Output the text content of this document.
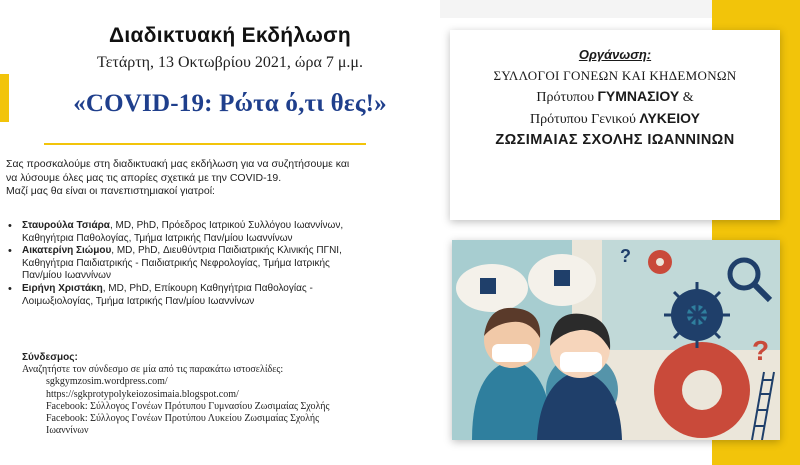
Διαδικτυακή Εκδήλωση
Τετάρτη, 13 Οκτωβρίου 2021, ώρα 7 μ.μ.
«COVID-19: Ρώτα ό,τι θες!»
Σας προσκαλούμε στη διαδικτυακή μας εκδήλωση για να συζητήσουμε και
να λύσουμε όλες μας τις απορίες σχετικά με την COVID-19.
Μαζί μας θα είναι οι πανεπιστημιακοί γιατροί:
• Σταυρούλα Τσιάρα, MD, PhD, Πρόεδρος Ιατρικού Συλλόγου Ιωαννίνων,
Καθηγήτρια Παθολογίας, Τμήμα Ιατρικής Παν/μίου Ιωαννίνων
• Αικατερίνη Σιώμου, MD, PhD, Διευθύντρια Παιδιατρικής Κλινικής ΠΓΝΙ,
Καθηγήτρια Παιδιατρικής - Παιδιατρικής Νεφρολογίας, Τμήμα Ιατρικής
Παν/μίου Ιωαννίνων
• Ειρήνη Χριστάκη, MD, PhD, Επίκουρη Καθηγήτρια Παθολογίας -
Λοιμωξιολογίας, Τμήμα Ιατρικής Παν/μίου Ιωαννίνων
Σύνδεσμος:
Αναζητήστε τον σύνδεσμο σε μία από τις παρακάτω ιστοσελίδες:
sgkgymzosim.wordpress.com/
https://sgkprotypolykeiozosimaia.blogspot.com/
Facebook: Σύλλογος Γονέων Πρότυπου Γυμνασίου Ζωσιμαίας Σχολής
Facebook: Σύλλογος Γονέων Προτύπου Λυκείου Ζωσιμαίας Σχολής
Ιωαννίνων
Οργάνωση:
ΣΥΛΛΟΓΟΙ ΓΟΝΕΩΝ ΚΑΙ ΚΗΔΕΜΟΝΩΝ
Πρότυπου ΓΥΜΝΑΣΙΟΥ &
Πρότυπου Γενικού ΛΥΚΕΙΟΥ
ΖΩΣΙΜΑΙΑΣ ΣΧΟΛΗΣ ΙΩΑΝΝΙΝΩΝ
?
?
